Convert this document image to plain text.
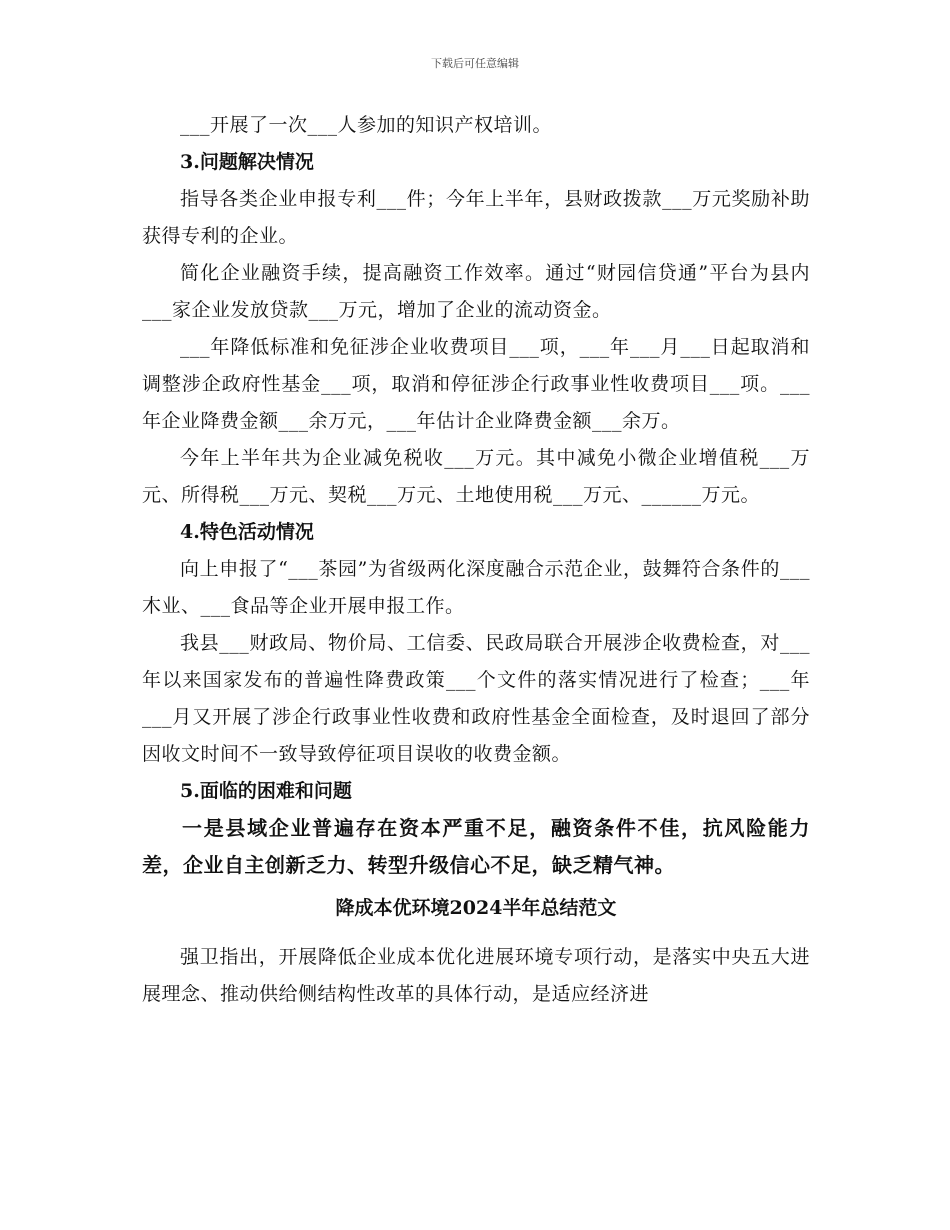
下载后可任意编辑

___开展了一次___人参加的知识产权培训。

3.问题解决情况

指导各类企业申报专利___件；今年上半年，县财政拨款___万元奖励补助获得专利的企业。

简化企业融资手续，提高融资工作效率。通过“财园信贷通”平台为县内___家企业发放贷款___万元，增加了企业的流动资金。

___年降低标准和免征涉企业收费项目___项，___年___月___日起取消和调整涉企政府性基金___项，取消和停征涉企行政事业性收费项目___项。___年企业降费金额___余万元，___年估计企业降费金额___余万。

今年上半年共为企业减免税收___万元。其中减免小微企业增值税___万元、所得税___万元、契税___万元、土地使用税___万元、______万元。

4.特色活动情况

向上申报了“___茶园”为省级两化深度融合示范企业，鼓舞符合条件的___木业、___食品等企业开展申报工作。

我县___财政局、物价局、工信委、民政局联合开展涉企收费检查，对___年以来国家发布的普遍性降费政策___个文件的落实情况进行了检查；___年___月又开展了涉企行政事业性收费和政府性基金全面检查，及时退回了部分因收文时间不一致导致停征项目误收的收费金额。

5.面临的困难和问题

一是县域企业普遍存在资本严重不足，融资条件不佳，抗风险能力差，企业自主创新乏力、转型升级信心不足，缺乏精气神。

降成本优环境2024半年总结范文

强卫指出，开展降低企业成本优化进展环境专项行动，是落实中央五大进展理念、推动供给侧结构性改革的具体行动，是适应经济进
